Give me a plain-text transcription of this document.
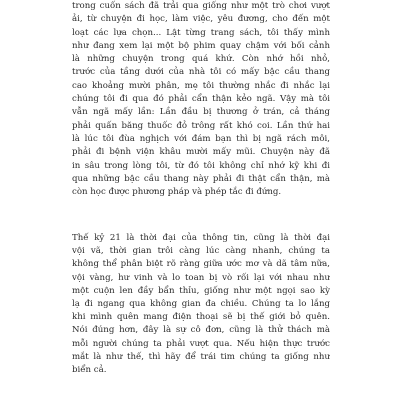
trong cuốn sách đã trải qua giống như một trò chơi vượt
ải, từ chuyện đi học, làm việc, yêu đương, cho đến một
loạt các lựa chọn... Lật từng trang sách, tôi thấy mình
như đang xem lại một bộ phim quay chậm với bối cảnh
là những chuyện trong quá khứ. Còn nhớ hồi nhỏ,
trước của tầng dưới của nhà tôi có mấy bậc cầu thang
cao khoảng mười phân, mẹ tôi thường nhắc đi nhắc lại
chúng tôi đi qua đó phải cẩn thận kẻo ngã. Vậy mà tôi
vẫn ngã mấy lần: Lần đầu bị thương ở trán, cả tháng
phải quấn băng thuốc đỏ trông rất khó coi. Lần thứ hai
là lúc tôi đùa nghịch với đám bạn thì bị ngã rách môi,
phải đi bệnh viện khâu mười mấy mũi. Chuyện này đã
in sâu trong lòng tôi, từ đó tôi không chỉ nhớ kỹ khi đi
qua những bậc cầu thang này phải đi thật cẩn thận, mà
còn học được phương pháp và phép tắc đi đứng.
Thế kỷ 21 là thời đại của thông tin, cũng là thời đại
vội vã, thời gian trôi càng lúc càng nhanh, chúng ta
không thể phân biệt rõ ràng giữa ước mơ và dã tâm nữa,
vội vàng, hư vinh và lo toan bị vò rối lại với nhau như
một cuộn len đầy bẩn thỉu, giống như một ngọi sao kỳ
lạ đi ngang qua không gian đa chiều. Chúng ta lo lắng
khi mình quên mang điện thoại sẽ bị thế giới bỏ quên.
Nói đúng hơn, đây là sự cô đơn, cũng là thử thách mà
mỗi người chúng ta phải vượt qua. Nếu hiện thực trước
mắt là như thế, thì hãy để trái tim chúng ta giống như
biển cả.
